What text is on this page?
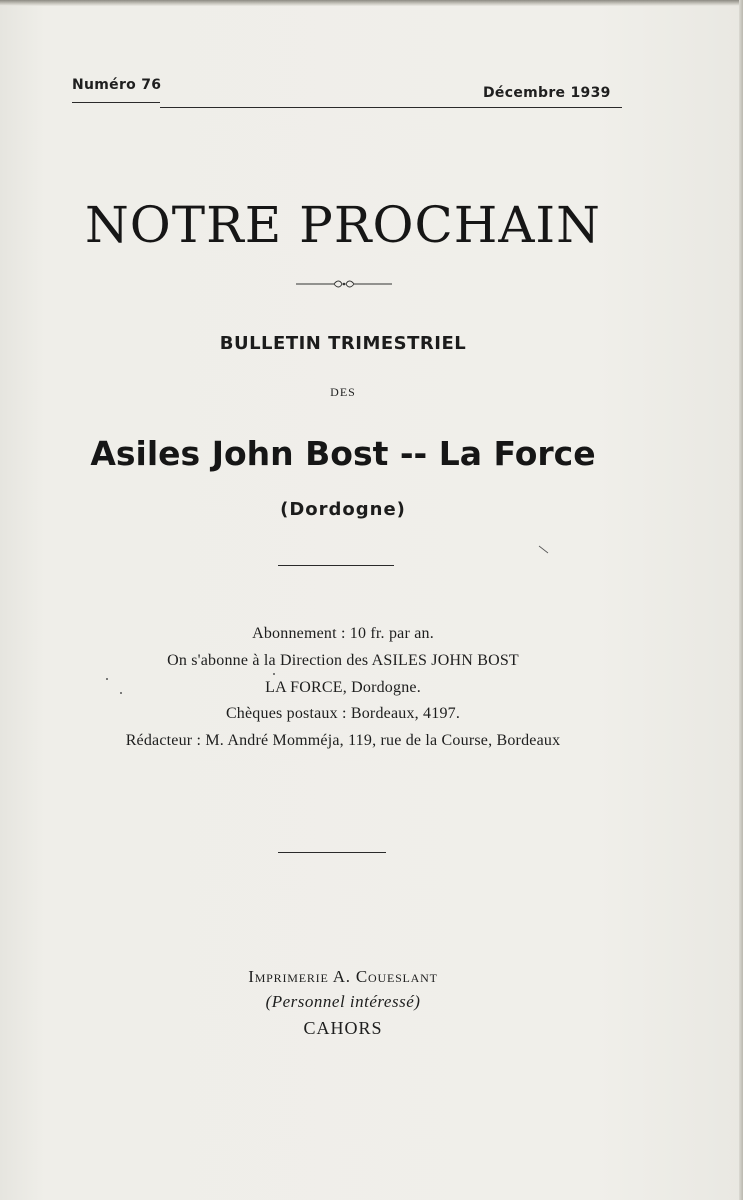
Numéro 76	Décembre 1939
NOTRE PROCHAIN
BULLETIN TRIMESTRIEL
DES
Asiles John Bost -- La Force
(Dordogne)
Abonnement : 10 fr. par an.
On s'abonne à la Direction des ASILES JOHN BOST
LA FORCE, Dordogne.
Chèques postaux : Bordeaux, 4197.
Rédacteur : M. André Momméja, 119, rue de la Course, Bordeaux
Imprimerie A. Coueslant
(Personnel intéressé)
CAHORS
